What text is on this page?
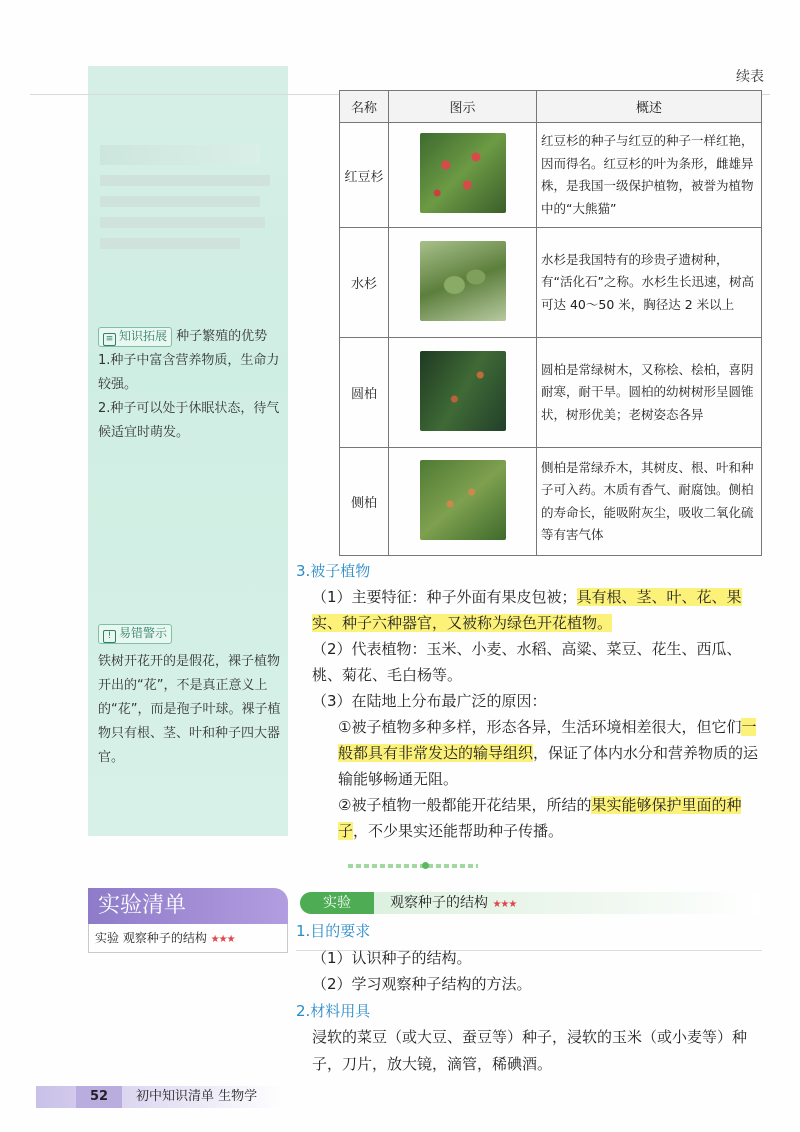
续表
≡ 知识拓展 种子繁殖的优势
1.种子中富含营养物质，生命力较强。
2.种子可以处于休眠状态，待气候适宜时萌发。
! 易错警示
铁树开花开的是假花，裸子植物开出的“花”，不是真正意义上的“花”，而是孢子叶球。裸子植物只有根、茎、叶和种子四大器官。
名称	图示	概述
红豆杉		红豆杉的种子与红豆的种子一样红艳，因而得名。红豆杉的叶为条形，雌雄异株，是我国一级保护植物，被誉为植物中的“大熊猫”
水杉		水杉是我国特有的珍贵孑遗树种，有“活化石”之称。水杉生长迅速，树高可达 40～50 米，胸径达 2 米以上
圆柏		圆柏是常绿树木，又称桧、桧柏，喜阴耐寒，耐干旱。圆柏的幼树树形呈圆锥状，树形优美；老树姿态各异
侧柏		侧柏是常绿乔木，其树皮、根、叶和种子可入药。木质有香气、耐腐蚀。侧柏的寿命长，能吸附灰尘，吸收二氧化硫等有害气体
3.被子植物
（1）主要特征：种子外面有果皮包被；具有根、茎、叶、花、果实、种子六种器官，又被称为绿色开花植物。
（2）代表植物：玉米、小麦、水稻、高粱、菜豆、花生、西瓜、桃、菊花、毛白杨等。
（3）在陆地上分布最广泛的原因：
①被子植物多种多样，形态各异，生活环境相差很大，但它们一般都具有非常发达的输导组织，保证了体内水分和营养物质的运输能够畅通无阻。
②被子植物一般都能开花结果，所结的果实能够保护里面的种子，不少果实还能帮助种子传播。
实验清单
实验 观察种子的结构 ★★★
实验	观察种子的结构 ★★★
1.目的要求
（1）认识种子的结构。
（2）学习观察种子结构的方法。
2.材料用具
浸软的菜豆（或大豆、蚕豆等）种子，浸软的玉米（或小麦等）种子，刀片，放大镜，滴管，稀碘酒。
52	初中知识清单 生物学
